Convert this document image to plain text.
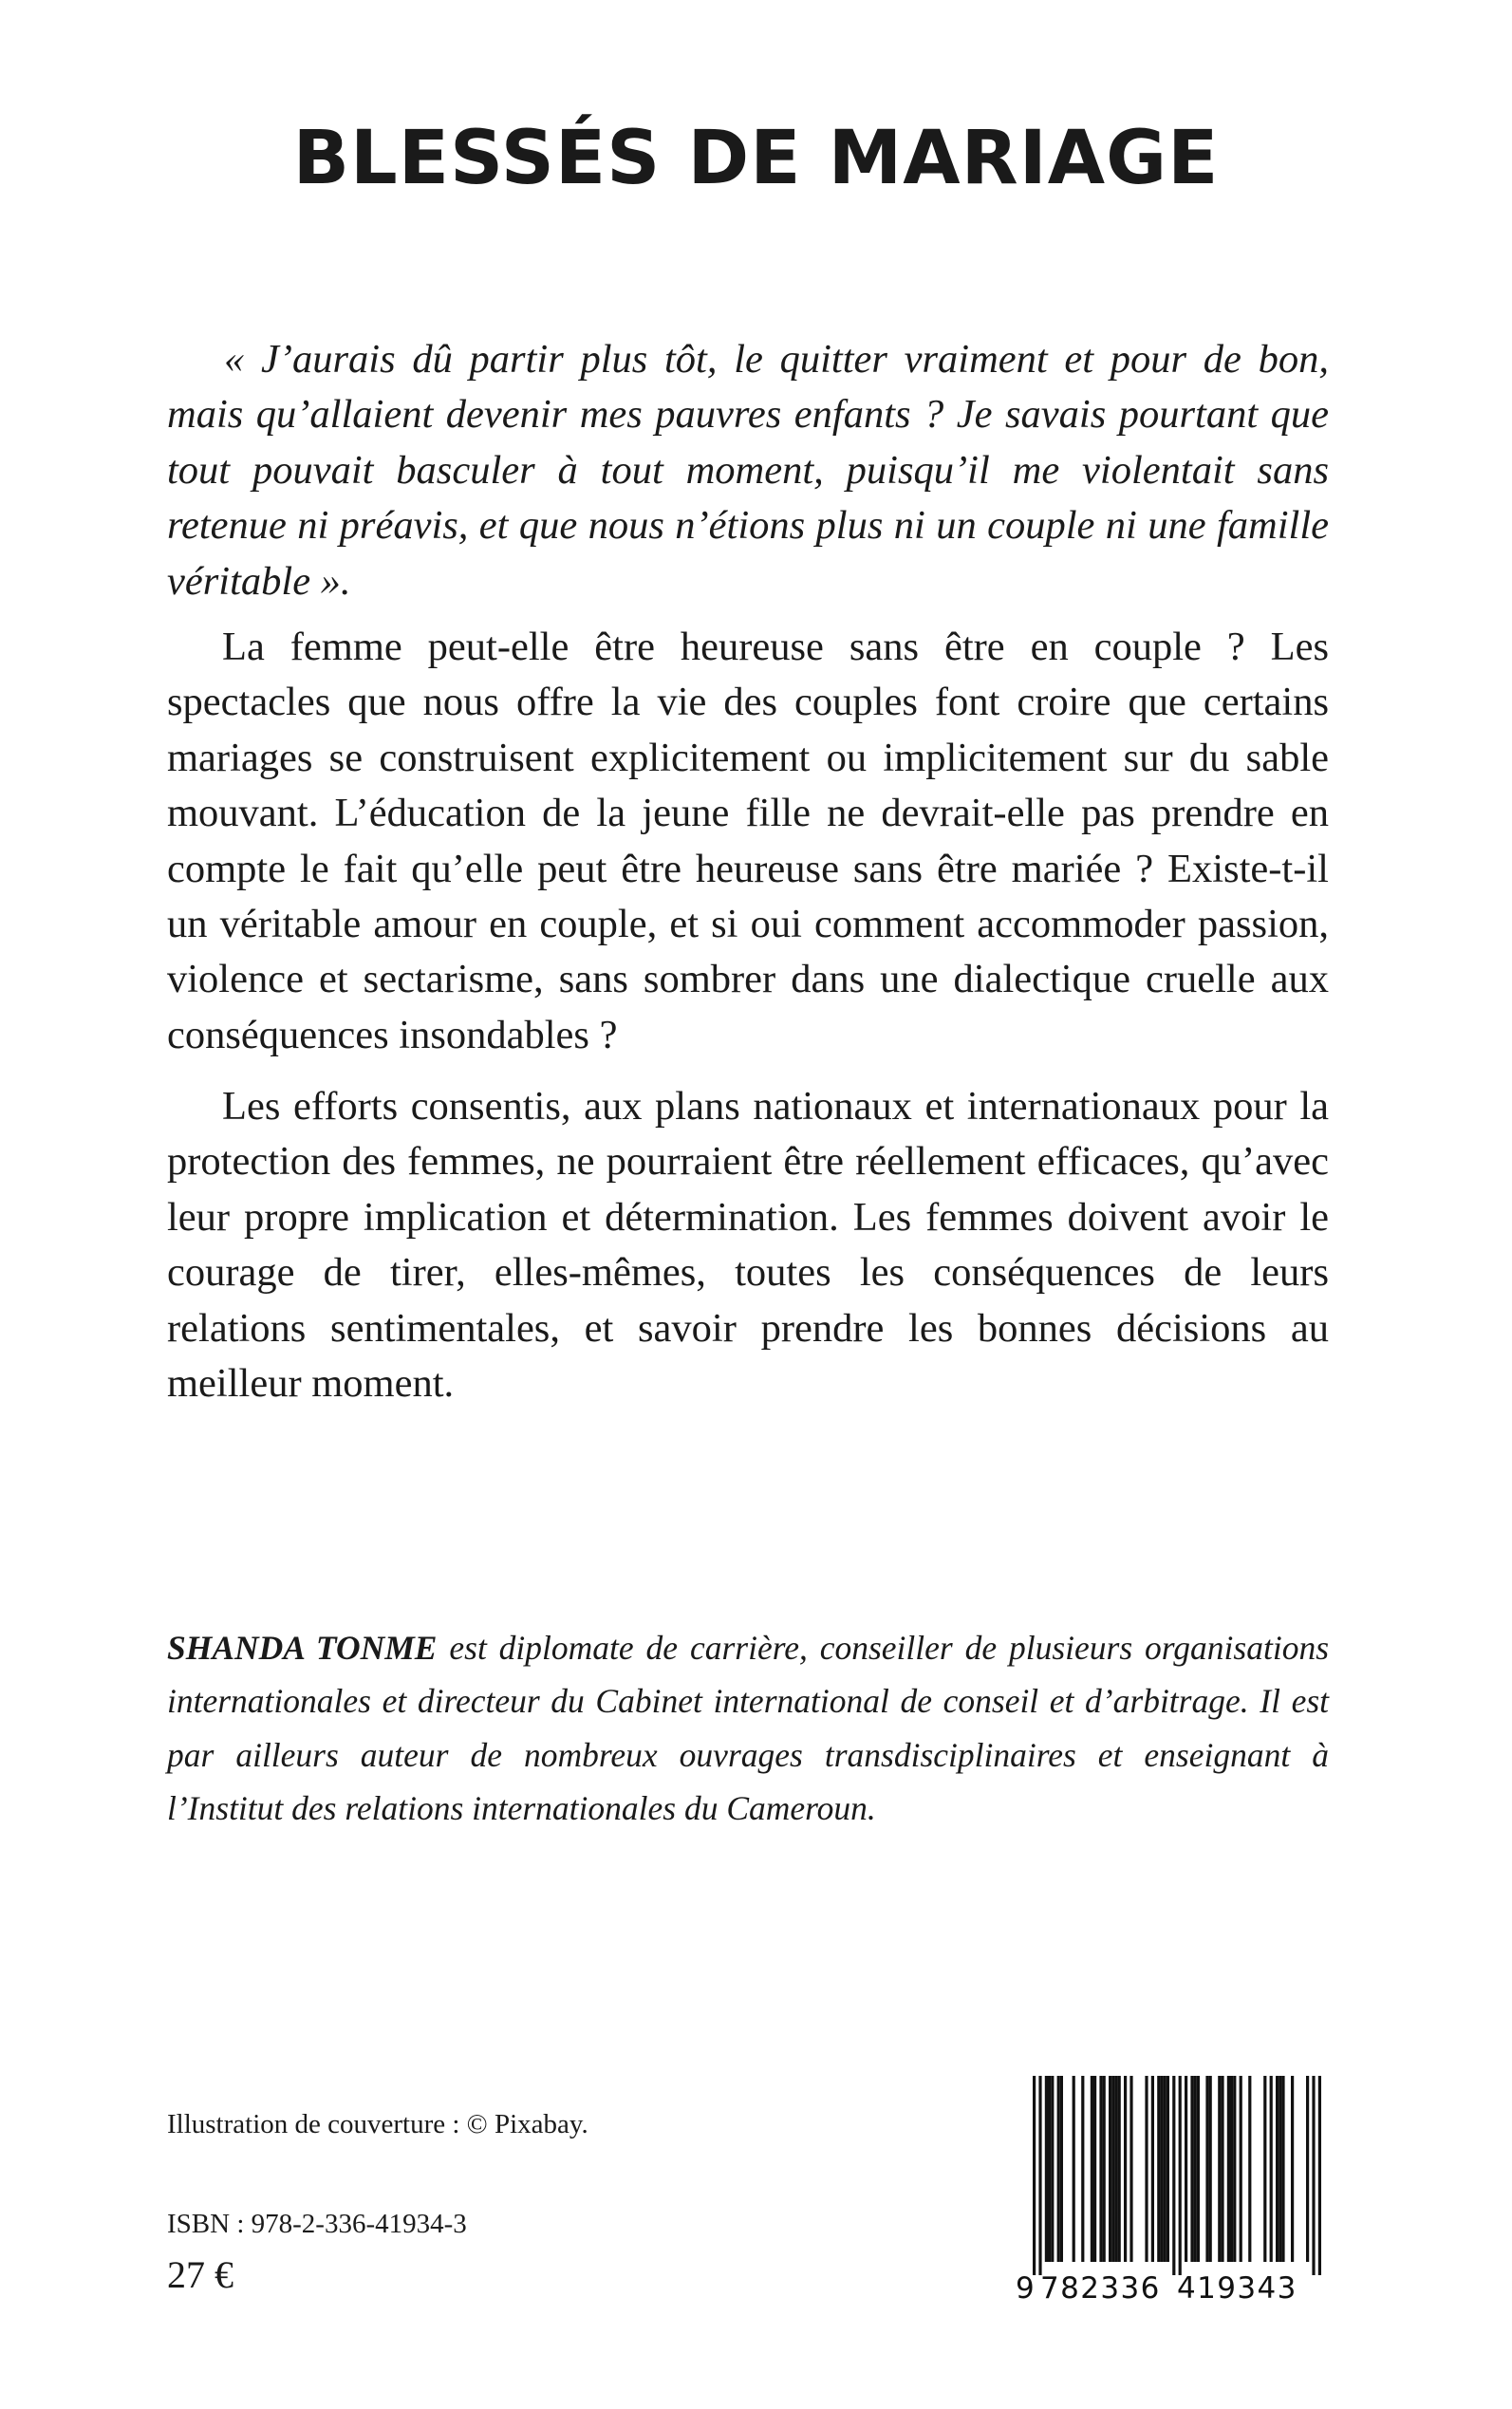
BLESSÉS DE MARIAGE

« J’aurais dû partir plus tôt, le quitter vraiment et pour de bon, mais qu’allaient devenir mes pauvres enfants ? Je savais pourtant que tout pouvait basculer à tout moment, puisqu’il me violentait sans retenue ni préavis, et que nous n’étions plus ni un couple ni une famille véritable ».

La femme peut-elle être heureuse sans être en couple ? Les spectacles que nous offre la vie des couples font croire que certains mariages se construisent explicitement ou implicitement sur du sable mouvant. L’éducation de la jeune fille ne devrait-elle pas prendre en compte le fait qu’elle peut être heureuse sans être mariée ? Existe-t-il un véritable amour en couple, et si oui comment accommoder passion, violence et sectarisme, sans sombrer dans une dialectique cruelle aux conséquences insondables ?

Les efforts consentis, aux plans nationaux et internationaux pour la protection des femmes, ne pourraient être réellement efficaces, qu’avec leur propre implication et détermination. Les femmes doivent avoir le courage de tirer, elles-mêmes, toutes les conséquences de leurs relations sentimentales, et savoir prendre les bonnes décisions au meilleur moment.

SHANDA TONME est diplomate de carrière, conseiller de plusieurs organisations internationales et directeur du Cabinet international de conseil et d’arbitrage. Il est par ailleurs auteur de nombreux ouvrages transdisciplinaires et enseignant à l’Institut des relations internationales du Cameroun.

Illustration de couverture : © Pixabay.

ISBN : 978-2-336-41934-3

27 €	9 782336 419343
